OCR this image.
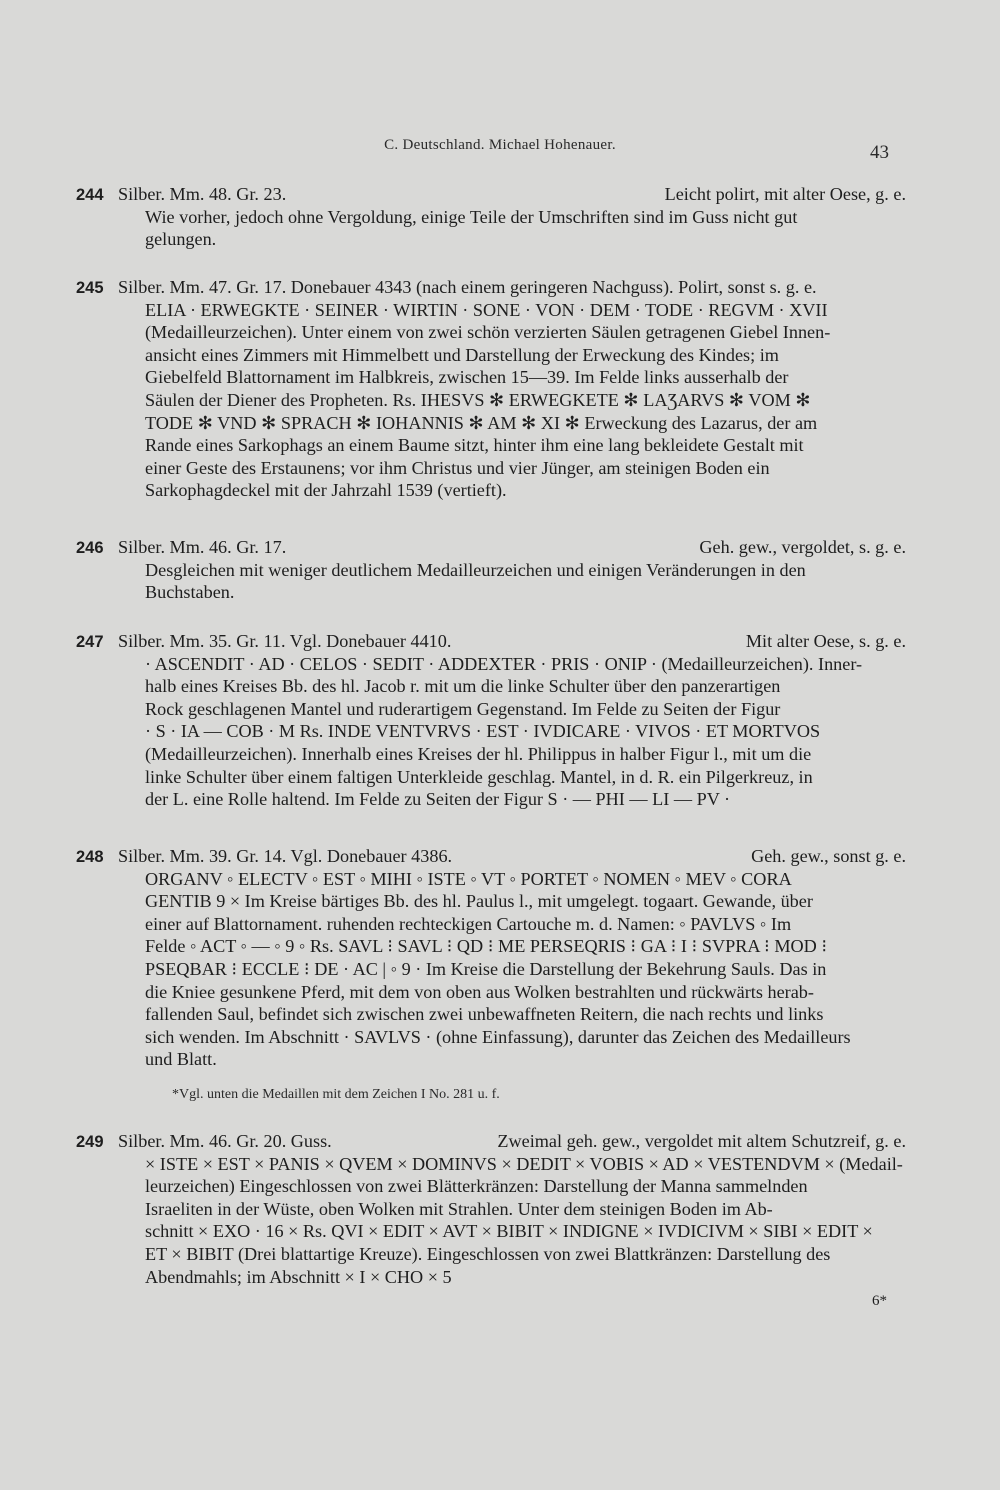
C. Deutschland. Michael Hohenauer.	43
244 Silber. Mm. 48. Gr. 23.	Leicht polirt, mit alter Oese, g. e.
Wie vorher, jedoch ohne Vergoldung, einige Teile der Umschriften sind im Guss nicht gut
gelungen.
245 Silber. Mm. 47. Gr. 17. Donebauer 4343 (nach einem geringeren Nachguss). Polirt, sonst s. g. e.
ELIA · ERWEGKTE · SEINER · WIRTIN · SONE · VON · DEM · TODE · REGVM · XVII
(Medailleurzeichen). Unter einem von zwei schön verzierten Säulen getragenen Giebel Innen-
ansicht eines Zimmers mit Himmelbett und Darstellung der Erweckung des Kindes; im
Giebelfeld Blattornament im Halbkreis, zwischen 15—39. Im Felde links ausserhalb der
Säulen der Diener des Propheten. Rs. IHESVS ✻ ERWEGKETE ✻ LAƷARVS ✻ VOM ✻
TODE ✻ VND ✻ SPRACH ✻ IOHANNIS ✻ AM ✻ XI ✻ Erweckung des Lazarus, der am
Rande eines Sarkophags an einem Baume sitzt, hinter ihm eine lang bekleidete Gestalt mit
einer Geste des Erstaunens; vor ihm Christus und vier Jünger, am steinigen Boden ein
Sarkophagdeckel mit der Jahrzahl 1539 (vertieft).
246 Silber. Mm. 46. Gr. 17.	Geh. gew., vergoldet, s. g. e.
Desgleichen mit weniger deutlichem Medailleurzeichen und einigen Veränderungen in den
Buchstaben.
247 Silber. Mm. 35. Gr. 11. Vgl. Donebauer 4410.	Mit alter Oese, s. g. e.
· ASCENDIT · AD · CELOS · SEDIT · ADDEXTER · PRIS · ONIP · (Medailleurzeichen). Inner-
halb eines Kreises Bb. des hl. Jacob r. mit um die linke Schulter über den panzerartigen
Rock geschlagenen Mantel und ruderartigem Gegenstand. Im Felde zu Seiten der Figur
· S · IA — COB · M Rs. INDE VENTVRVS · EST · IVDICARE · VIVOS · ET MORTVOS
(Medailleurzeichen). Innerhalb eines Kreises der hl. Philippus in halber Figur l., mit um die
linke Schulter über einem faltigen Unterkleide geschlag. Mantel, in d. R. ein Pilgerkreuz, in
der L. eine Rolle haltend. Im Felde zu Seiten der Figur S · — PHI — LI — PV ·
248 Silber. Mm. 39. Gr. 14. Vgl. Donebauer 4386.	Geh. gew., sonst g. e.
ORGANV ◦ ELECTV ◦ EST ◦ MIHI ◦ ISTE ◦ VT ◦ PORTET ◦ NOMEN ◦ MEV ◦ CORA
GENTIB 9 × Im Kreise bärtiges Bb. des hl. Paulus l., mit umgelegt. togaart. Gewande, über
einer auf Blattornament. ruhenden rechteckigen Cartouche m. d. Namen: ◦ PAVLVS ◦ Im
Felde ◦ ACT ◦ — ◦ 9 ◦ Rs. SAVL ⁝ SAVL ⁝ QD ⁝ ME PERSEQRIS ⁝ GA ⁝ I ⁝ SVPRA ⁝ MOD ⁝
PSEQBAR ⁝ ECCLE ⁝ DE · AC | ◦ 9 · Im Kreise die Darstellung der Bekehrung Sauls. Das in
die Kniee gesunkene Pferd, mit dem von oben aus Wolken bestrahlten und rückwärts herab-
fallenden Saul, befindet sich zwischen zwei unbewaffneten Reitern, die nach rechts und links
sich wenden. Im Abschnitt · SAVLVS · (ohne Einfassung), darunter das Zeichen des Medailleurs
und Blatt.
*Vgl. unten die Medaillen mit dem Zeichen I No. 281 u. f.
249 Silber. Mm. 46. Gr. 20. Guss.	Zweimal geh. gew., vergoldet mit altem Schutzreif, g. e.
× ISTE × EST × PANIS × QVEM × DOMINVS × DEDIT × VOBIS × AD × VESTENDVM × (Medail-
leurzeichen) Eingeschlossen von zwei Blätterkränzen: Darstellung der Manna sammelnden
Israeliten in der Wüste, oben Wolken mit Strahlen. Unter dem steinigen Boden im Ab-
schnitt × EXO · 16 × Rs. QVI × EDIT × AVT × BIBIT × INDIGNE × IVDICIVM × SIBI × EDIT ×
ET × BIBIT (Drei blattartige Kreuze). Eingeschlossen von zwei Blattkränzen: Darstellung des
Abendmahls; im Abschnitt × I × CHO × 5
6*
